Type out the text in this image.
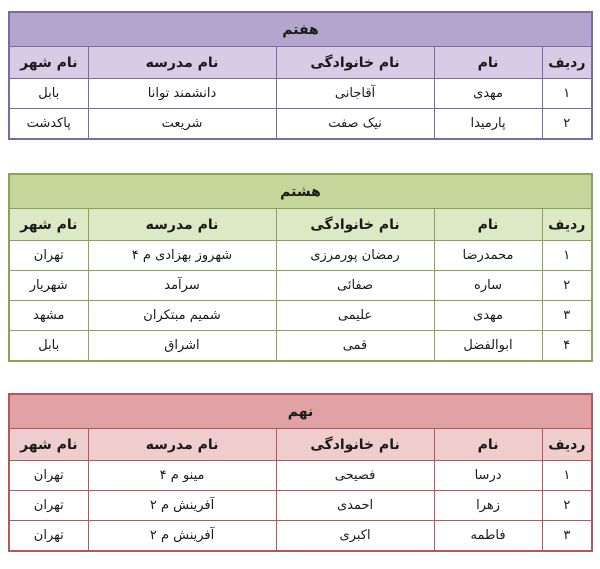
هفتم				
ردیف	نام	نام خانوادگی	نام مدرسه	نام شهر
۱	مهدی	آقاجانی	دانشمند توانا	بابل
۲	پارمیدا	نیک صفت	شریعت	پاکدشت
هشتم				
ردیف	نام	نام خانوادگی	نام مدرسه	نام شهر
۱	محمدرضا	رمضان پورمرزی	شهروز بهزادی م ۴	تهران
۲	ساره	صفائی	سرآمد	شهریار
۳	مهدی	علیمی	شمیم مبتکران	مشهد
۴	ابوالفضل	قمی	اشراق	بابل
نهم				
ردیف	نام	نام خانوادگی	نام مدرسه	نام شهر
۱	درسا	فصیحی	مینو م ۴	تهران
۲	زهرا	احمدی	آفرینش م ۲	تهران
۳	فاطمه	اکبری	آفرینش م ۲	تهران
